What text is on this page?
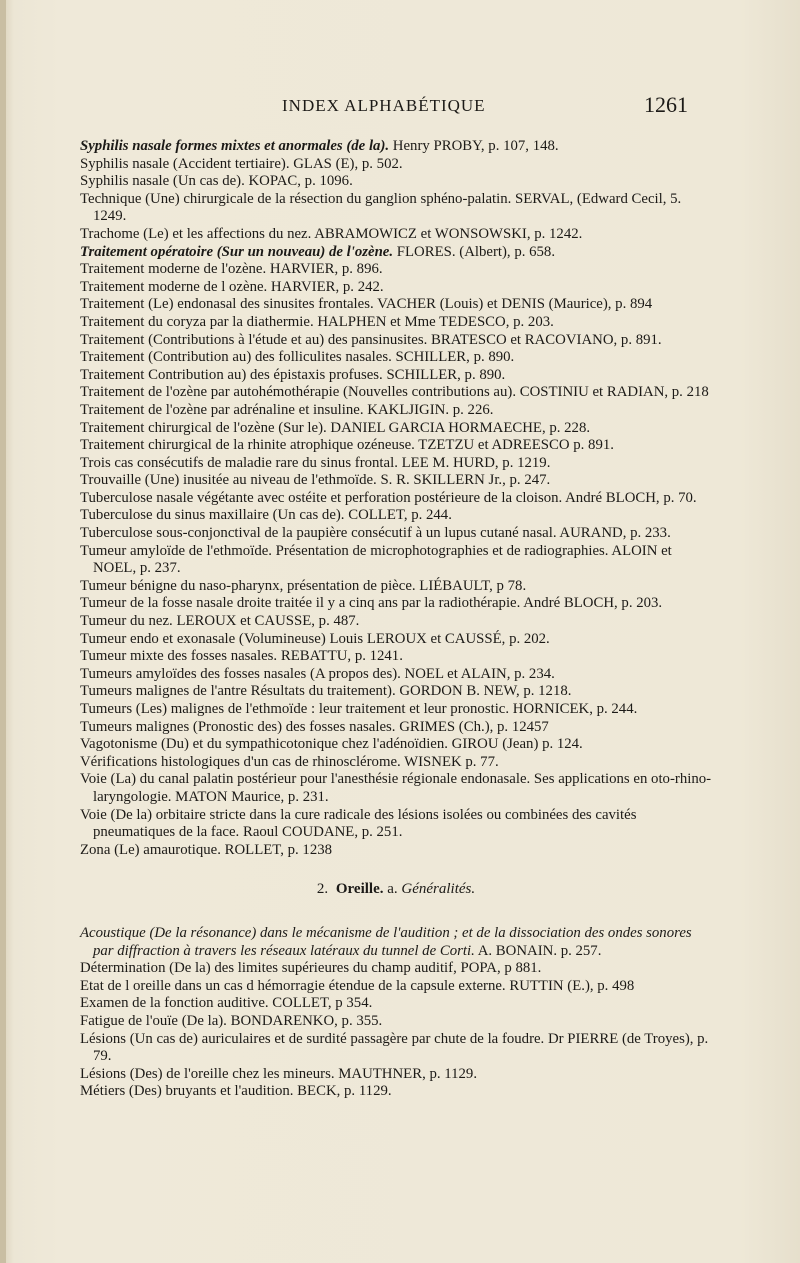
INDEX ALPHABÉTIQUE	1261

Syphilis nasale formes mixtes et anormales (de la). Henry PROBY, p. 107, 148.

Syphilis nasale (Accident tertiaire). GLAS (E), p. 502.

Syphilis nasale (Un cas de). KOPAC, p. 1096.

Technique (Une) chirurgicale de la résection du ganglion sphéno-palatin. SERVAL, (Edward Cecil, 5. 1249.

Trachome (Le) et les affections du nez. ABRAMOWICZ et WONSOWSKI, p. 1242.

Traitement opératoire (Sur un nouveau) de l'ozène. FLORES. (Albert), p. 658.

Traitement moderne de l'ozène. HARVIER, p. 896.

Traitement moderne de l ozène. HARVIER, p. 242.

Traitement (Le) endonasal des sinusites frontales. VACHER (Louis) et DENIS (Maurice), p. 894

Traitement du coryza par la diathermie. HALPHEN et Mme TEDESCO, p. 203.

Traitement (Contributions à l'étude et au) des pansinusites. BRATESCO et RACOVIANO, p. 891.

Traitement (Contribution au) des folliculites nasales. SCHILLER, p. 890.

Traitement Contribution au) des épistaxis profuses. SCHILLER, p. 890.

Traitement de l'ozène par autohémothérapie (Nouvelles contributions au). COSTINIU et RADIAN, p. 218

Traitement de l'ozène par adrénaline et insuline. KAKLJIGIN. p. 226.

Traitement chirurgical de l'ozène (Sur le). DANIEL GARCIA HORMAECHE, p. 228.

Traitement chirurgical de la rhinite atrophique ozéneuse. TZETZU et ADREESCO p. 891.

Trois cas consécutifs de maladie rare du sinus frontal. LEE M. HURD, p. 1219.

Trouvaille (Une) inusitée au niveau de l'ethmoïde. S. R. SKILLERN Jr., p. 247.

Tuberculose nasale végétante avec ostéite et perforation postérieure de la cloison. André BLOCH, p. 70.

Tuberculose du sinus maxillaire (Un cas de). COLLET, p. 244.

Tuberculose sous-conjonctival de la paupière consécutif à un lupus cutané nasal. AURAND, p. 233.

Tumeur amyloïde de l'ethmoïde. Présentation de microphotographies et de radiographies. ALOIN et NOEL, p. 237.

Tumeur bénigne du naso-pharynx, présentation de pièce. LIÉBAULT, p 78.

Tumeur de la fosse nasale droite traitée il y a cinq ans par la radiothérapie. André BLOCH, p. 203.

Tumeur du nez. LEROUX et CAUSSE, p. 487.

Tumeur endo et exonasale (Volumineuse) Louis LEROUX et CAUSSÉ, p. 202.

Tumeur mixte des fosses nasales. REBATTU, p. 1241.

Tumeurs amyloïdes des fosses nasales (A propos des). NOEL et ALAIN, p. 234.

Tumeurs malignes de l'antre Résultats du traitement). GORDON B. NEW, p. 1218.

Tumeurs (Les) malignes de l'ethmoïde : leur traitement et leur pronostic. HORNICEK, p. 244.

Tumeurs malignes (Pronostic des) des fosses nasales. GRIMES (Ch.), p. 12457

Vagotonisme (Du) et du sympathicotonique chez l'adénoïdien. GIROU (Jean) p. 124.

Vérifications histologiques d'un cas de rhinosclérome. WISNEK p. 77.

Voie (La) du canal palatin postérieur pour l'anesthésie régionale endonasale. Ses applications en oto-rhino-laryngologie. MATON Maurice, p. 231.

Voie (De la) orbitaire stricte dans la cure radicale des lésions isolées ou combinées des cavités pneumatiques de la face. Raoul COUDANE, p. 251.

Zona (Le) amaurotique. ROLLET, p. 1238

2. Oreille. a. Généralités.

Acoustique (De la résonance) dans le mécanisme de l'audition ; et de la dissociation des ondes sonores par diffraction à travers les réseaux latéraux du tunnel de Corti. A. BONAIN. p. 257.

Détermination (De la) des limites supérieures du champ auditif, POPA, p 881.

Etat de l oreille dans un cas d hémorragie étendue de la capsule externe. RUTTIN (E.), p. 498

Examen de la fonction auditive. COLLET, p 354.

Fatigue de l'ouïe (De la). BONDARENKO, p. 355.

Lésions (Un cas de) auriculaires et de surdité passagère par chute de la foudre. Dr PIERRE (de Troyes), p. 79.

Lésions (Des) de l'oreille chez les mineurs. MAUTHNER, p. 1129.

Métiers (Des) bruyants et l'audition. BECK, p. 1129.
